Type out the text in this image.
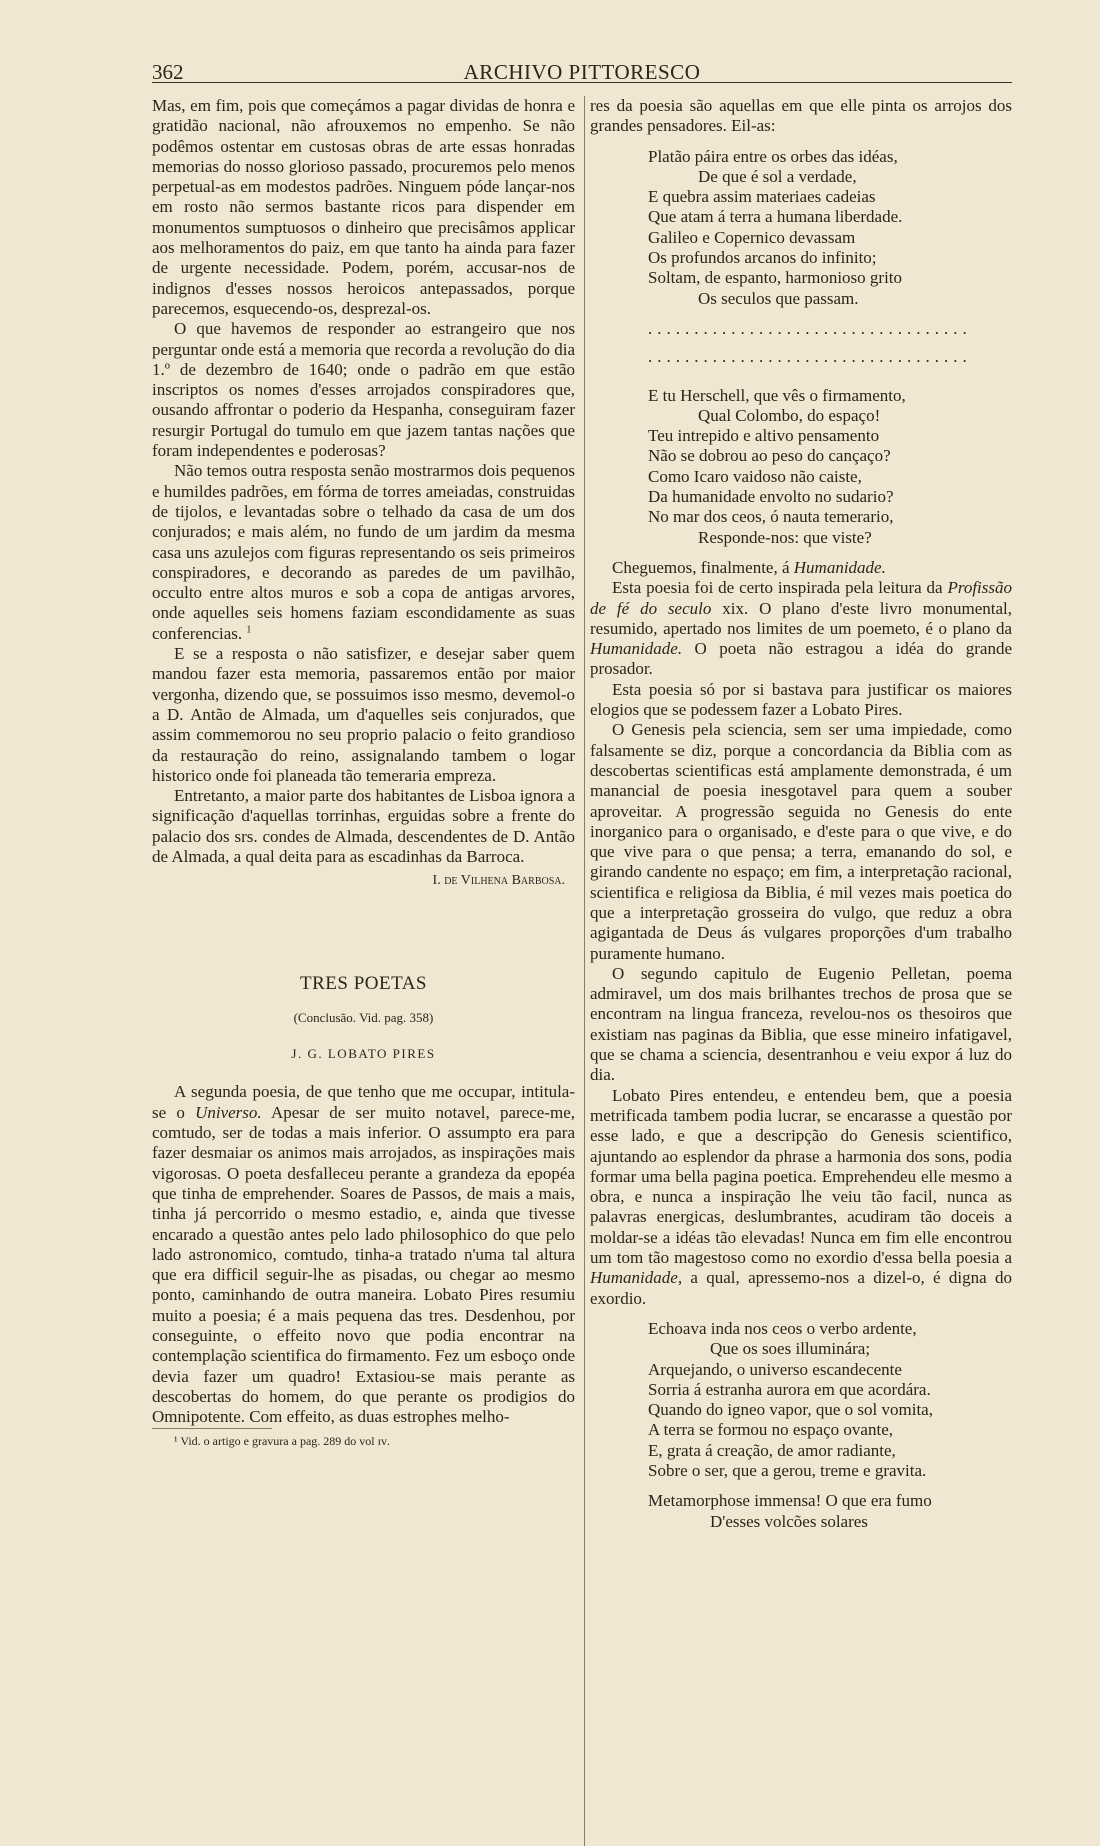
362	ARCHIVO PITTORESCO

Mas, em fim, pois que começámos a pagar dividas de honra e gratidão nacional, não afrouxemos no empenho. Se não podêmos ostentar em custosas obras de arte essas honradas memorias do nosso glorioso passado, procuremos pelo menos perpetual-as em modestos padrões. Ninguem póde lançar-nos em rosto não sermos bastante ricos para dispender em monumentos sumptuosos o dinheiro que precisâmos applicar aos melhoramentos do paiz, em que tanto ha ainda para fazer de urgente necessidade. Podem, porém, accusar-nos de indignos d'esses nossos heroicos antepassados, porque parecemos, esquecendo-os, desprezal-os.

O que havemos de responder ao estrangeiro que nos perguntar onde está a memoria que recorda a revolução do dia 1.º de dezembro de 1640; onde o padrão em que estão inscriptos os nomes d'esses arrojados conspiradores que, ousando affrontar o poderio da Hespanha, conseguiram fazer resurgir Portugal do tumulo em que jazem tantas nações que foram independentes e poderosas?

Não temos outra resposta senão mostrarmos dois pequenos e humildes padrões, em fórma de torres ameiadas, construidas de tijolos, e levantadas sobre o telhado da casa de um dos conjurados; e mais além, no fundo de um jardim da mesma casa uns azulejos com figuras representando os seis primeiros conspiradores, e decorando as paredes de um pavilhão, occulto entre altos muros e sob a copa de antigas arvores, onde aquelles seis homens faziam escondidamente as suas conferencias. $^1$

E se a resposta o não satisfizer, e desejar saber quem mandou fazer esta memoria, passaremos então por maior vergonha, dizendo que, se possuimos isso mesmo, devemol-o a D. Antão de Almada, um d'aquelles seis conjurados, que assim commemorou no seu proprio palacio o feito grandioso da restauração do reino, assignalando tambem o logar historico onde foi planeada tão temeraria empreza.

Entretanto, a maior parte dos habitantes de Lisboa ignora a significação d'aquellas torrinhas, erguidas sobre a frente do palacio dos srs. condes de Almada, descendentes de D. Antão de Almada, a qual deita para as escadinhas da Barroca.

I. de Vilhena Barbosa.
TRES POETAS
(Conclusão. Vid. pag. 358)
J. G. LOBATO PIRES

A segunda poesia, de que tenho que me occupar, intitula-se o Universo. Apesar de ser muito notavel, parece-me, comtudo, ser de todas a mais inferior. O assumpto era para fazer desmaiar os animos mais arrojados, as inspirações mais vigorosas. O poeta desfalleceu perante a grandeza da epopéa que tinha de emprehender. Soares de Passos, de mais a mais, tinha já percorrido o mesmo estadio, e, ainda que tivesse encarado a questão antes pelo lado philosophico do que pelo lado astronomico, comtudo, tinha-a tratado n'uma tal altura que era difficil seguir-lhe as pisadas, ou chegar ao mesmo ponto, caminhando de outra maneira. Lobato Pires resumiu muito a poesia; é a mais pequena das tres. Desdenhou, por conseguinte, o effeito novo que podia encontrar na contemplação scientifica do firmamento. Fez um esboço onde devia fazer um quadro! Extasiou-se mais perante as descobertas do homem, do que perante os prodigios do Omnipotente. Com effeito, as duas estrophes melho-

¹ Vid. o artigo e gravura a pag. 289 do vol ɪᴠ.

res da poesia são aquellas em que elle pinta os arrojos dos grandes pensadores. Eil-as:

Platão páira entre os orbes das idéas,
De que é sol a verdade,
E quebra assim materiaes cadeias
Que atam á terra a humana liberdade.
Galileo e Copernico devassam
Os profundos arcanos do infinito;
Soltam, de espanto, harmonioso grito
Os seculos que passam.
...................................
...................................
E tu Herschell, que vês o firmamento,
Qual Colombo, do espaço!
Teu intrepido e altivo pensamento
Não se dobrou ao peso do cançaço?
Como Icaro vaidoso não caiste,
Da humanidade envolto no sudario?
No mar dos ceos, ó nauta temerario,
Responde-nos: que viste?

Cheguemos, finalmente, á Humanidade.

Esta poesia foi de certo inspirada pela leitura da Profissão de fé do seculo xix. O plano d'este livro monumental, resumido, apertado nos limites de um poemeto, é o plano da Humanidade. O poeta não estragou a idéa do grande prosador.

Esta poesia só por si bastava para justificar os maiores elogios que se podessem fazer a Lobato Pires.

O Genesis pela sciencia, sem ser uma impiedade, como falsamente se diz, porque a concordancia da Biblia com as descobertas scientificas está amplamente demonstrada, é um manancial de poesia inesgotavel para quem a souber aproveitar. A progressão seguida no Genesis do ente inorganico para o organisado, e d'este para o que vive, e do que vive para o que pensa; a terra, emanando do sol, e girando candente no espaço; em fim, a interpretação racional, scientifica e religiosa da Biblia, é mil vezes mais poetica do que a interpretação grosseira do vulgo, que reduz a obra agigantada de Deus ás vulgares proporções d'um trabalho puramente humano.

O segundo capitulo de Eugenio Pelletan, poema admiravel, um dos mais brilhantes trechos de prosa que se encontram na lingua franceza, revelou-nos os thesoiros que existiam nas paginas da Biblia, que esse mineiro infatigavel, que se chama a sciencia, desentranhou e veiu expor á luz do dia.

Lobato Pires entendeu, e entendeu bem, que a poesia metrificada tambem podia lucrar, se encarasse a questão por esse lado, e que a descripção do Genesis scientifico, ajuntando ao esplendor da phrase a harmonia dos sons, podia formar uma bella pagina poetica. Emprehendeu elle mesmo a obra, e nunca a inspiração lhe veiu tão facil, nunca as palavras energicas, deslumbrantes, acudiram tão doceis a moldar-se a idéas tão elevadas! Nunca em fim elle encontrou um tom tão magestoso como no exordio d'essa bella poesia a Humanidade, a qual, apressemo-nos a dizel-o, é digna do exordio.

Echoava inda nos ceos o verbo ardente,
Que os soes illuminára;
Arquejando, o universo escandecente
Sorria á estranha aurora em que acordára.
Quando do igneo vapor, que o sol vomita,
A terra se formou no espaço ovante,
E, grata á creação, de amor radiante,
Sobre o ser, que a gerou, treme e gravita.
Metamorphose immensa! O que era fumo
D'esses volcões solares
